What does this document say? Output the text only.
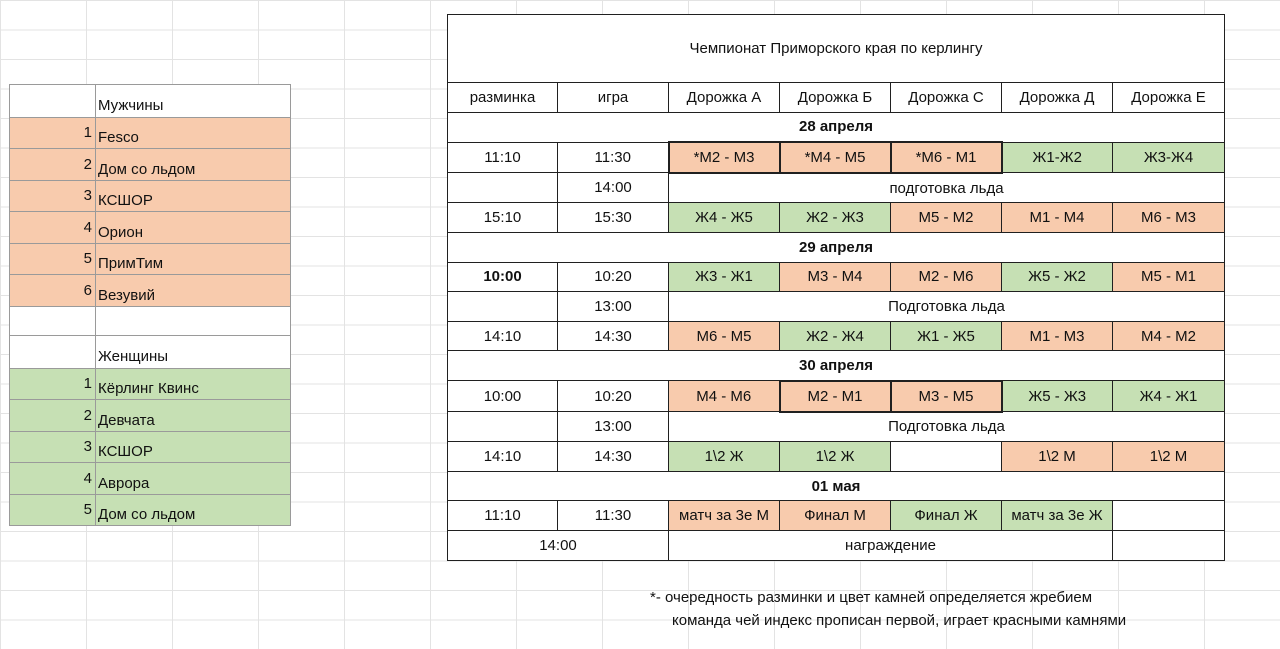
	Мужчины
1	Fesco
2	Дом со льдом
3	КСШОР
4	Орион
5	ПримТим
6	Везувий

	Женщины
1	Кёрлинг Квинс
2	Девчата
3	КСШОР
4	Аврора
5	Дом со льдом
Чемпионат Приморского края по керлингу						
разминка	игра	Дорожка А	Дорожка Б	Дорожка С	Дорожка Д	Дорожка Е
28 апреля						
11:10	11:30	*М2 - М3	*М4 - М5	*М6 - М1	Ж1-Ж2	Ж3-Ж4
	14:00	подготовка льда				
15:10	15:30	Ж4 - Ж5	Ж2 - Ж3	М5 - М2	М1 - М4	М6 - М3
29 апреля						
10:00	10:20	Ж3 - Ж1	М3 - М4	М2 - М6	Ж5 - Ж2	М5 - М1
	13:00	Подготовка льда				
14:10	14:30	М6 - М5	Ж2 - Ж4	Ж1 - Ж5	М1 - М3	М4 - М2
30 апреля						
10:00	10:20	М4 - М6	М2 - М1	М3 - М5	Ж5 - Ж3	Ж4 - Ж1
	13:00	Подготовка льда				
14:10	14:30	1\2 Ж	1\2 Ж		1\2 М	1\2 М
01 мая						
11:10	11:30	матч за 3е М	Финал М	Финал Ж	матч за 3е Ж	
14:00		награждение				
*- очередность разминки и цвет камней определяется жребием
команда чей индекс прописан первой, играет красными камнями
